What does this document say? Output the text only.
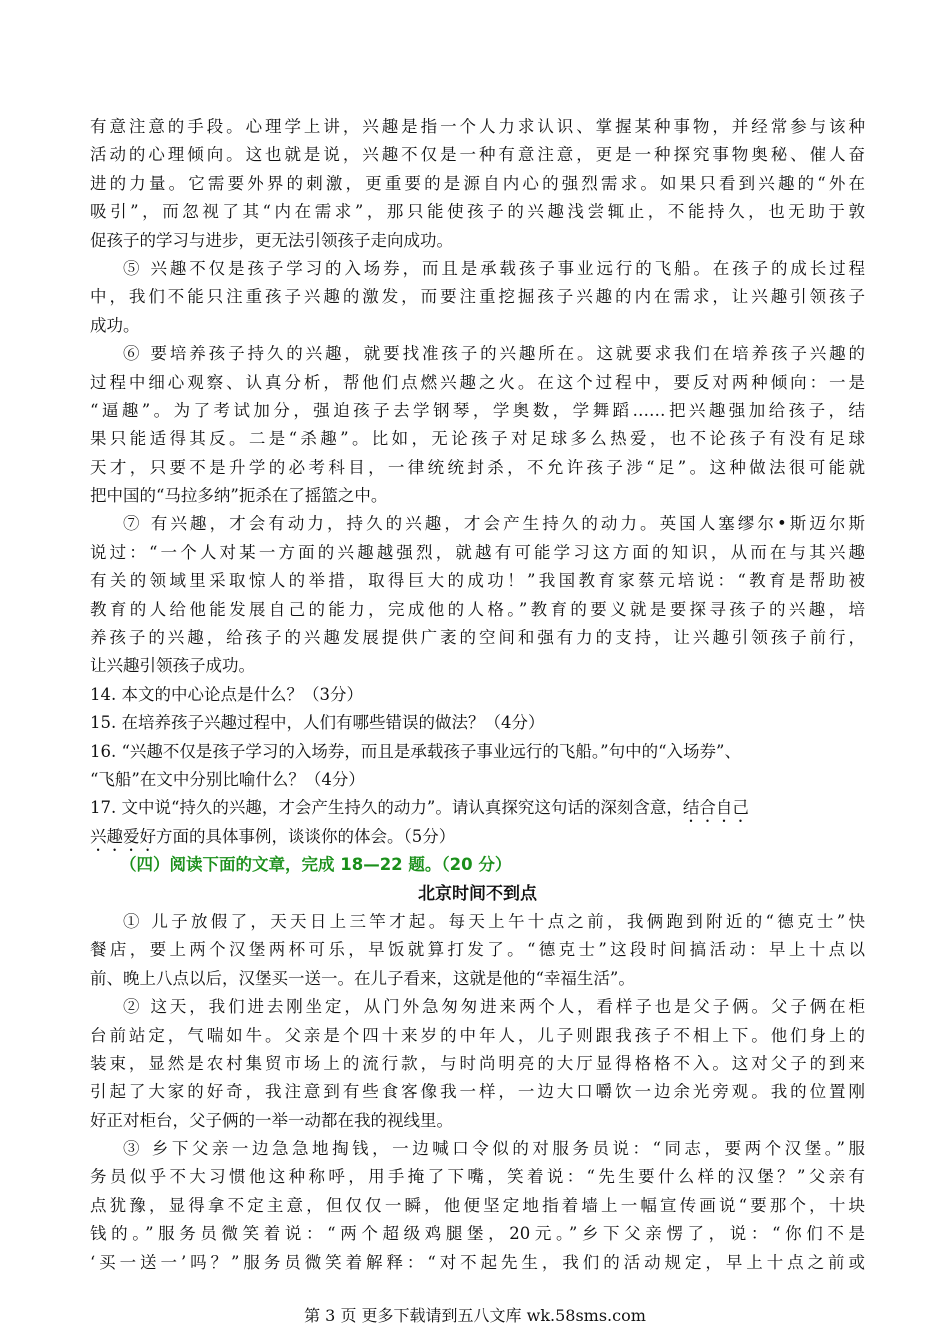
有意注意的手段。心理学上讲，兴趣是指一个人力求认识、掌握某种事物，并经常参与该种
活动的心理倾向。这也就是说，兴趣不仅是一种有意注意，更是一种探究事物奥秘、催人奋
进的力量。它需要外界的刺激，更重要的是源自内心的强烈需求。如果只看到兴趣的“外在
吸引”，而忽视了其“内在需求”，那只能使孩子的兴趣浅尝辄止，不能持久，也无助于敦
促孩子的学习与进步，更无法引领孩子走向成功。
⑤ 兴趣不仅是孩子学习的入场券，而且是承载孩子事业远行的飞船。在孩子的成长过程
中，我们不能只注重孩子兴趣的激发，而要注重挖掘孩子兴趣的内在需求，让兴趣引领孩子
成功。
⑥ 要培养孩子持久的兴趣，就要找准孩子的兴趣所在。这就要求我们在培养孩子兴趣的
过程中细心观察、认真分析，帮他们点燃兴趣之火。在这个过程中，要反对两种倾向：一是
“逼趣”。为了考试加分，强迫孩子去学钢琴，学奥数，学舞蹈……把兴趣强加给孩子，结
果只能适得其反。二是“杀趣”。比如，无论孩子对足球多么热爱，也不论孩子有没有足球
天才，只要不是升学的必考科目，一律统统封杀，不允许孩子涉“足”。这种做法很可能就
把中国的“马拉多纳”扼杀在了摇篮之中。
⑦ 有兴趣，才会有动力，持久的兴趣，才会产生持久的动力。英国人塞缪尔•斯迈尔斯
说过：“一个人对某一方面的兴趣越强烈，就越有可能学习这方面的知识，从而在与其兴趣
有关的领域里采取惊人的举措，取得巨大的成功！”我国教育家蔡元培说：“教育是帮助被
教育的人给他能发展自己的能力，完成他的人格。”教育的要义就是要探寻孩子的兴趣，培
养孩子的兴趣，给孩子的兴趣发展提供广袤的空间和强有力的支持，让兴趣引领孩子前行，
让兴趣引领孩子成功。
14. 本文的中心论点是什么？（3分）
15. 在培养孩子兴趣过程中，人们有哪些错误的做法？（4分）
16. “兴趣不仅是孩子学习的入场券，而且是承载孩子事业远行的飞船。”句中的“入场券”、
“飞船”在文中分别比喻什么？（4分）
17. 文中说“持久的兴趣，才会产生持久的动力”。请认真探究这句话的深刻含意，结合自己
兴趣爱好方面的具体事例，谈谈你的体会。（5分）
（四）阅读下面的文章，完成 18—22 题。（20 分）
北京时间不到点
① 儿子放假了，天天日上三竿才起。每天上午十点之前，我俩跑到附近的“德克士”快
餐店，要上两个汉堡两杯可乐，早饭就算打发了。“德克士”这段时间搞活动：早上十点以
前、晚上八点以后，汉堡买一送一。在儿子看来，这就是他的“幸福生活”。
② 这天，我们进去刚坐定，从门外急匆匆进来两个人，看样子也是父子俩。父子俩在柜
台前站定，气喘如牛。父亲是个四十来岁的中年人，儿子则跟我孩子不相上下。他们身上的
装束，显然是农村集贸市场上的流行款，与时尚明亮的大厅显得格格不入。这对父子的到来
引起了大家的好奇，我注意到有些食客像我一样，一边大口嚼饮一边余光旁观。我的位置刚
好正对柜台，父子俩的一举一动都在我的视线里。
③ 乡下父亲一边急急地掏钱，一边喊口令似的对服务员说：“同志，要两个汉堡。”服
务员似乎不大习惯他这种称呼，用手掩了下嘴，笑着说：“先生要什么样的汉堡？”父亲有
点犹豫，显得拿不定主意，但仅仅一瞬，他便坚定地指着墙上一幅宣传画说“要那个，十块
钱的。”服务员微笑着说：“两个超级鸡腿堡，20元。”乡下父亲愣了，说：“你们不是
‘买一送一’吗？”服务员微笑着解释：“对不起先生，我们的活动规定，早上十点之前或
第 3 页 更多下载请到五八文库 wk.58sms.com
